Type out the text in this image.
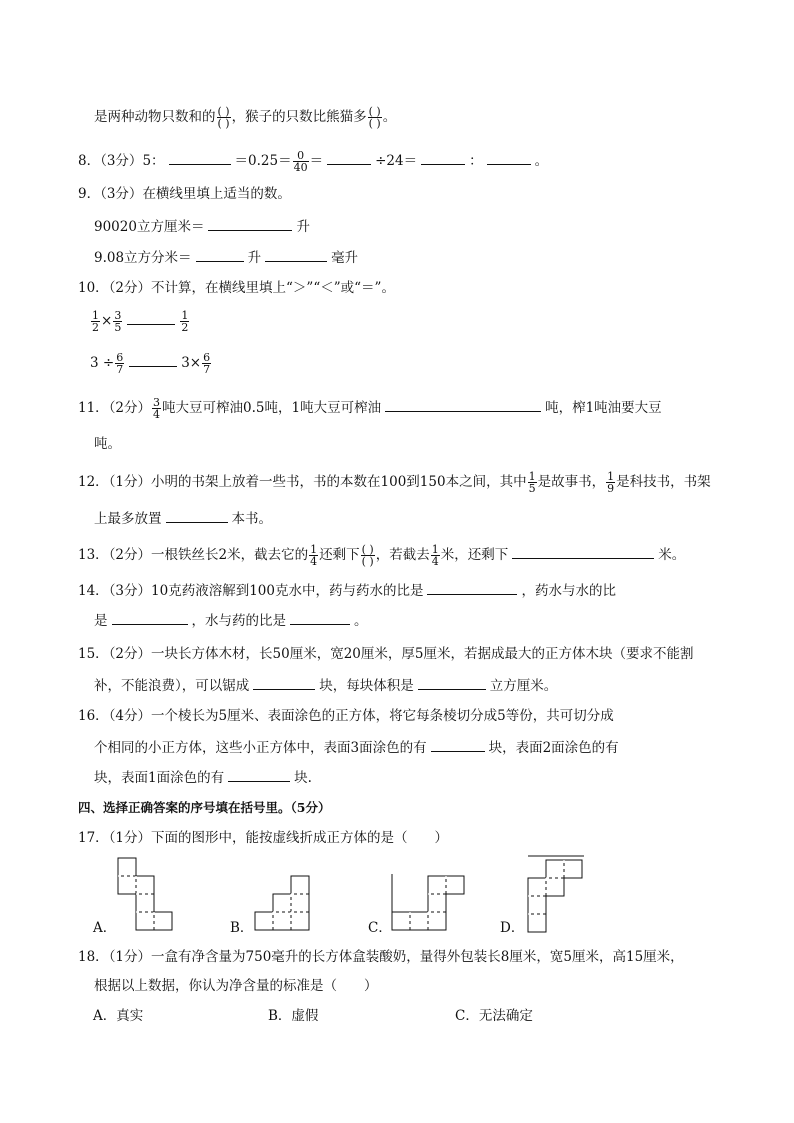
是两种动物只数和的 $\frac{( )}{( )}$ ，猴子的只数比熊猫多 $\frac{( )}{( )}$ 。
8．（3分）5：	$=0.25= \frac{0}{40}$ ＝	÷24＝	：	。
9．（3分）在横线里填上适当的数。
90020立方厘米＝	升
9.08立方分米＝	升	毫升
10．（2分）不计算，在横线里填上“＞”“＜”或“＝”。
$\frac{1}{2} \times \frac{3}{5}$	$\frac{1}{2}$
$3 \div \frac{6}{7}$	$3\times \frac{6}{7}$
11．（2分） $\frac{3}{4}$ 吨大豆可榨油0.5吨，1吨大豆可榨油	吨，榨1吨油要大豆
吨。
12．（1分）小明的书架上放着一些书，书的本数在100到150本之间，其中 $\frac{1}{5}$ 是故事书， $\frac{1}{9}$ 是科技书，书架
上最多放置	本书。
13．（2分）一根铁丝长2米，截去它的 $\frac{1}{4}$ 还剩下 $\frac{( )}{( )}$ ，若截去 $\frac{1}{4}$ 米，还剩下	米。
14．（3分）10克药液溶解到100克水中，药与药水的比是	，药水与水的比
是	，水与药的比是	。
15．（2分）一块长方体木材，长50厘米，宽20厘米，厚5厘米，若据成最大的正方体木块（要求不能割
补，不能浪费），可以锯成	块，每块体积是	立方厘米。
16．（4分）一个棱长为5厘米、表面涂色的正方体，将它每条棱切分成5等份，共可切分成
个相同的小正方体，这些小正方体中，表面3面涂色的有	块，表面2面涂色的有
块，表面1面涂色的有	块.
四、选择正确答案的序号填在括号里。（5分）
17．（1分）下面的图形中，能按虚线折成正方体的是（　　）
A．	B．	C．	D．
18．（1分）一盒有净含量为750毫升的长方体盒装酸奶，量得外包装长8厘米，宽5厘米，高15厘米，
根据以上数据，你认为净含量的标准是（　　）
A．真实	B．虚假	C．无法确定
